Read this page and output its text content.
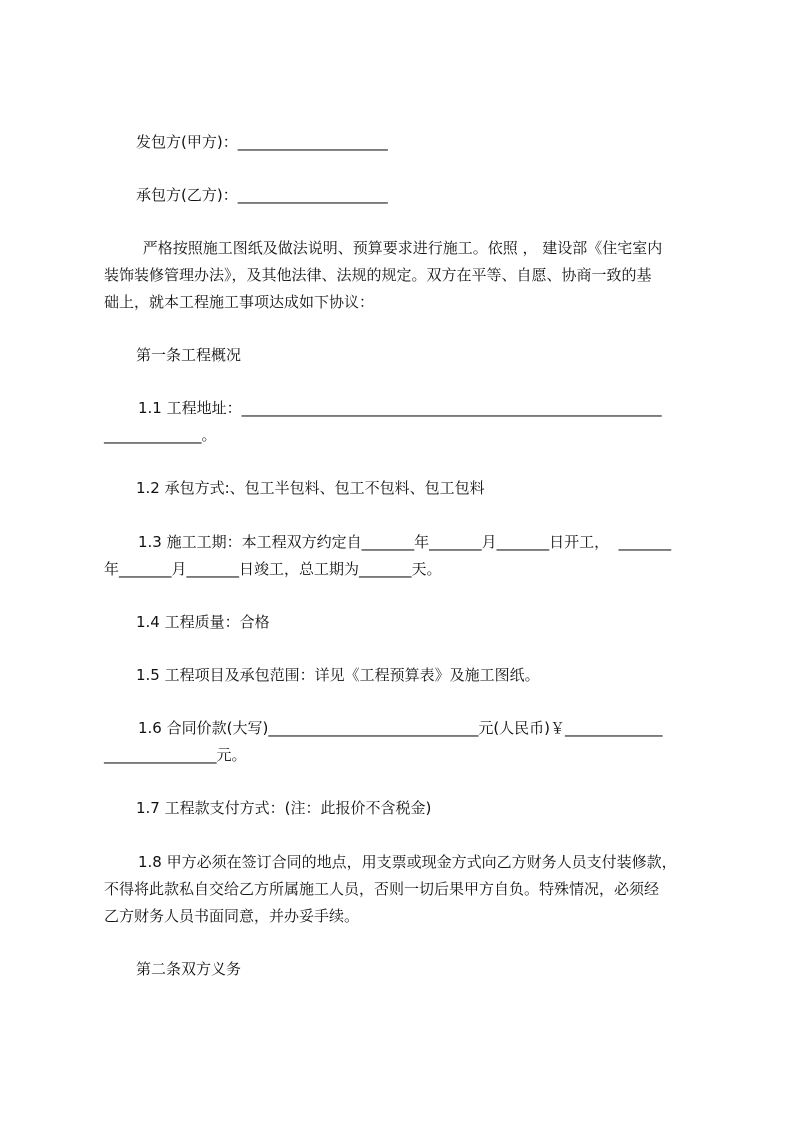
发包方(甲方)：____________________
承包方(乙方)：____________________
严格按照施工图纸及做法说明、预算要求进行施工。依照 ， 建设部《住宅室内
装饰装修管理办法》，及其他法律、法规的规定。双方在平等、自愿、协商一致的基
础上，就本工程施工事项达成如下协议：
第一条工程概况
1.1 工程地址：________________________________________________________
_____________。
1.2 承包方式:、包工半包料、包工不包料、包工包料
1.3 施工工期：本工程双方约定自_______年_______月_______日开工，  _______
年_______月_______日竣工，总工期为_______天。
1.4 工程质量：合格
1.5 工程项目及承包范围：详见《工程预算表》及施工图纸。
1.6 合同价款(大写)____________________________元(人民币)￥_____________
_______________元。
1.7 工程款支付方式：(注：此报价不含税金)
1.8 甲方必须在签订合同的地点，用支票或现金方式向乙方财务人员支付装修款，
不得将此款私自交给乙方所属施工人员，否则一切后果甲方自负。特殊情况，必须经
乙方财务人员书面同意，并办妥手续。
第二条双方义务
